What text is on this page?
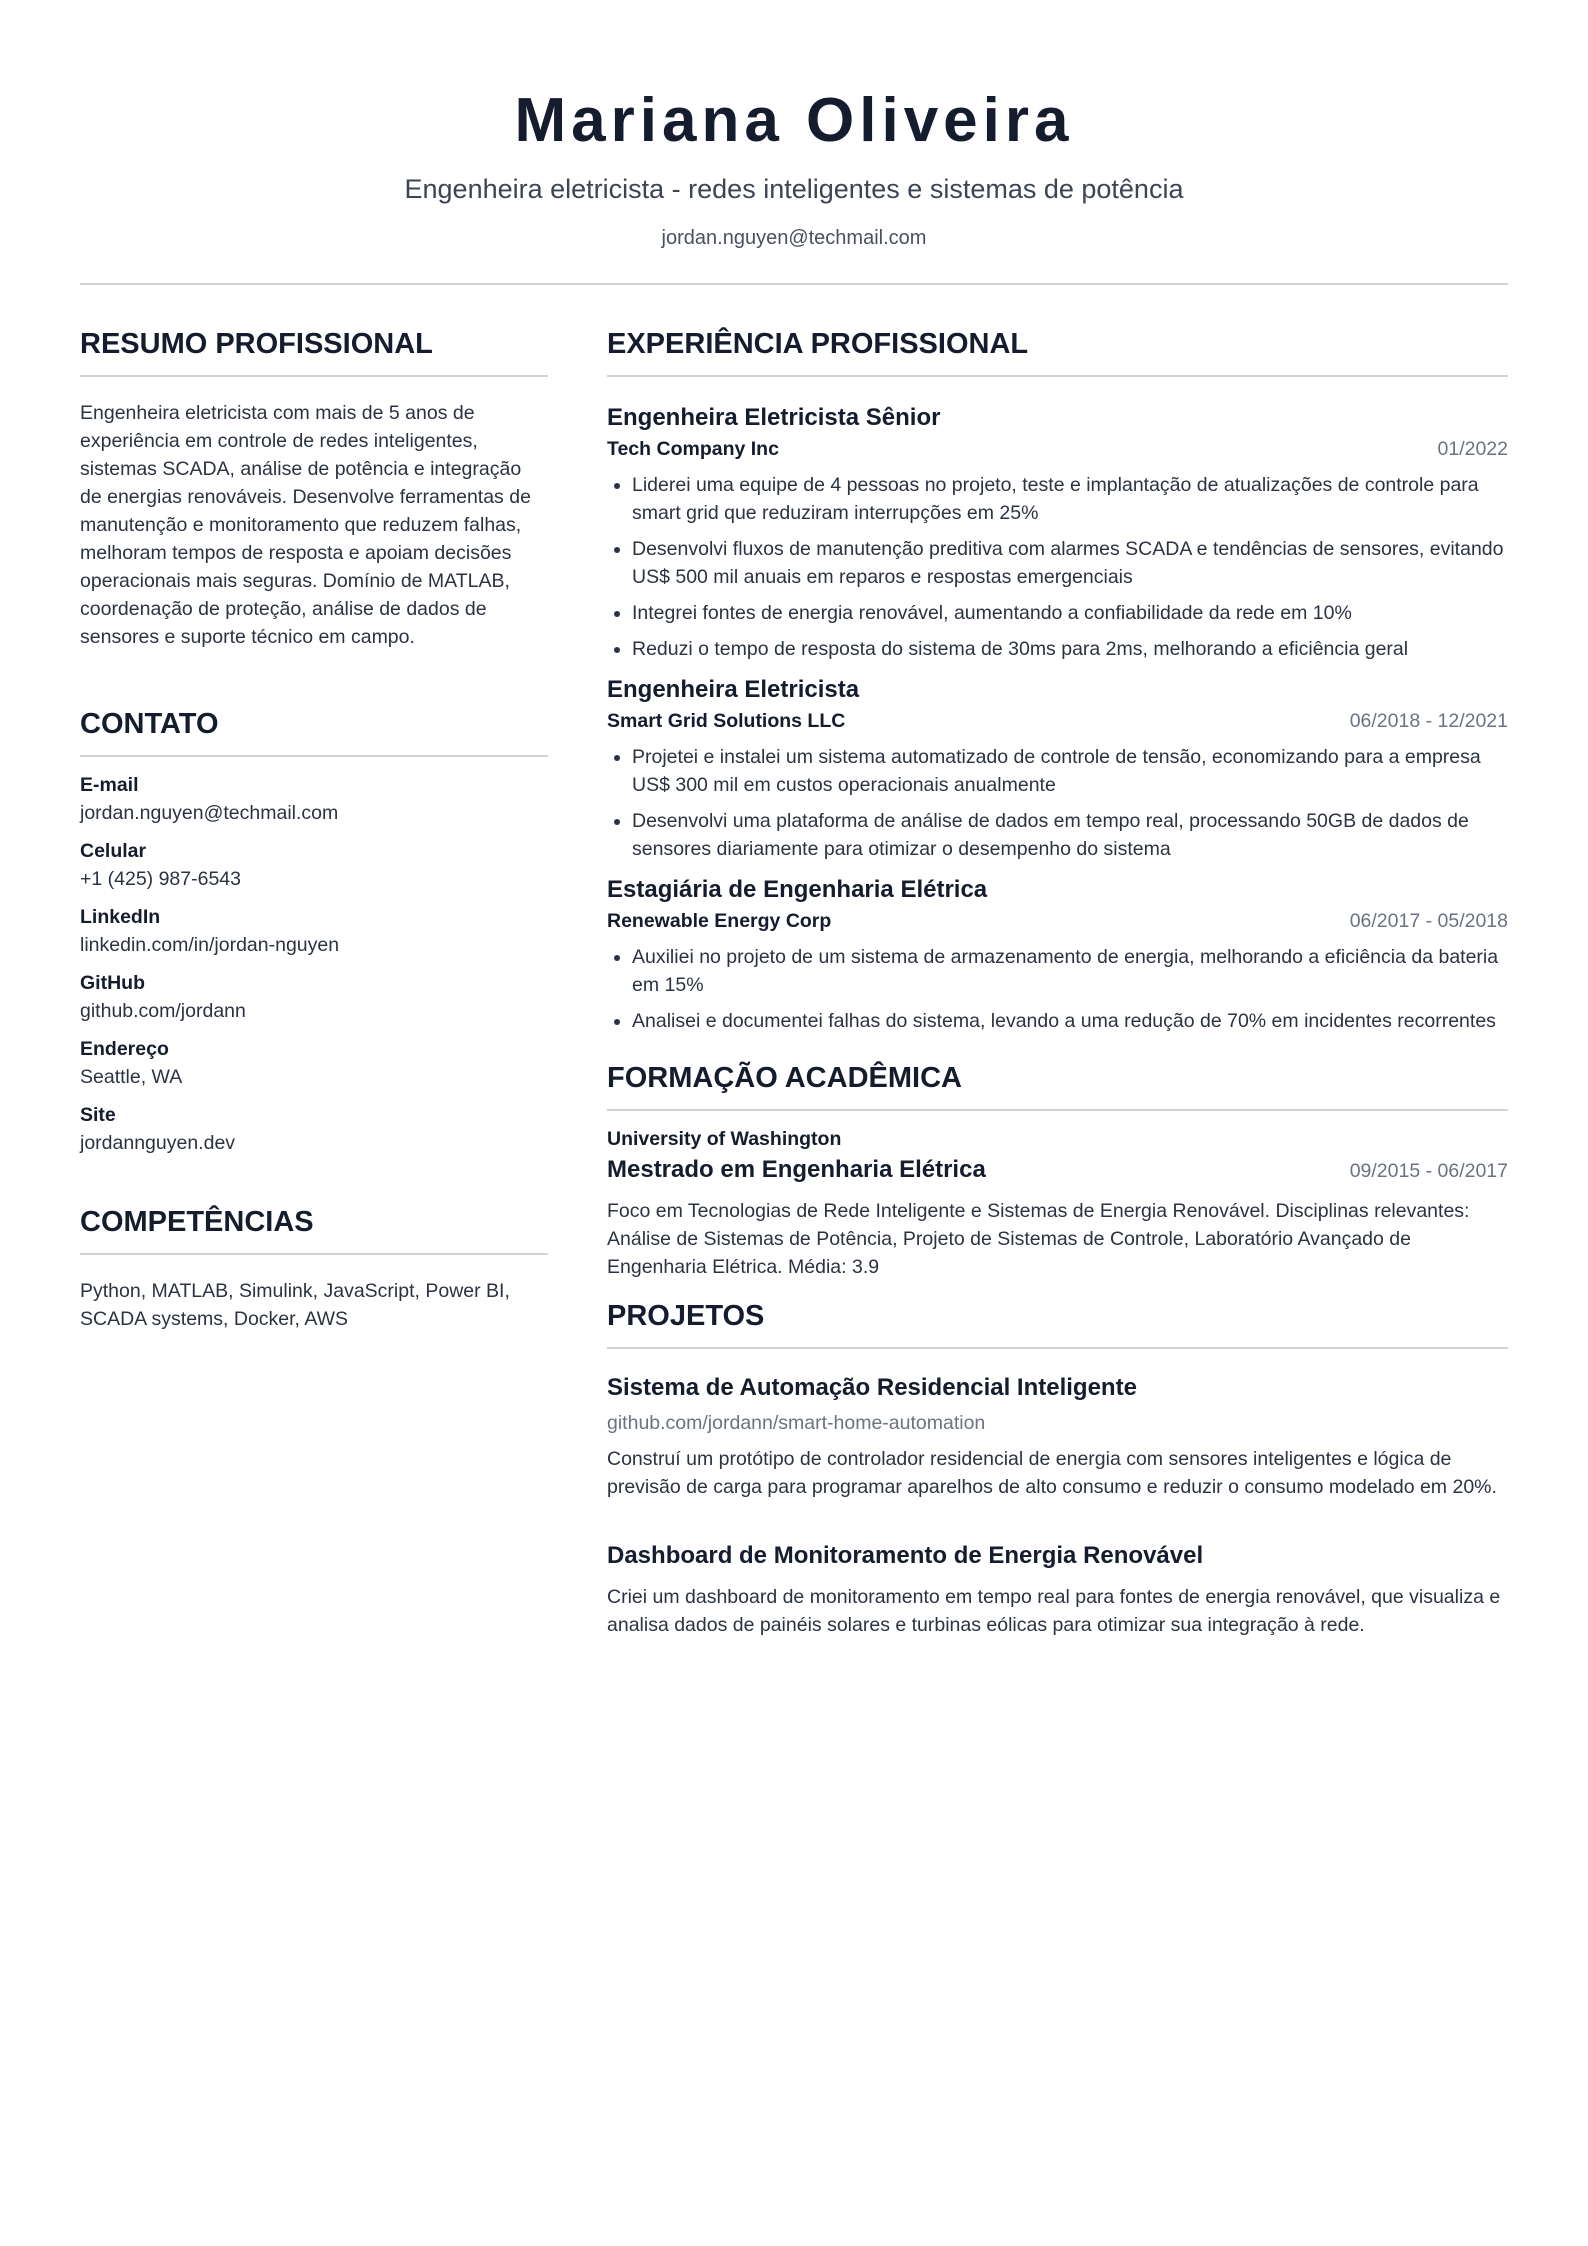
Mariana Oliveira
Engenheira eletricista - redes inteligentes e sistemas de potência
jordan.nguyen@techmail.com
RESUMO PROFISSIONAL
Engenheira eletricista com mais de 5 anos de experiência em controle de redes inteligentes, sistemas SCADA, análise de potência e integração de energias renováveis. Desenvolve ferramentas de manutenção e monitoramento que reduzem falhas, melhoram tempos de resposta e apoiam decisões operacionais mais seguras. Domínio de MATLAB, coordenação de proteção, análise de dados de sensores e suporte técnico em campo.
CONTATO
E-mail
jordan.nguyen@techmail.com
Celular
+1 (425) 987-6543
LinkedIn
linkedin.com/in/jordan-nguyen
GitHub
github.com/jordann
Endereço
Seattle, WA
Site
jordannguyen.dev
COMPETÊNCIAS
Python, MATLAB, Simulink, JavaScript, Power BI, SCADA systems, Docker, AWS
EXPERIÊNCIA PROFISSIONAL
Engenheira Eletricista Sênior
Tech Company Inc	01/2022
• Liderei uma equipe de 4 pessoas no projeto, teste e implantação de atualizações de controle para smart grid que reduziram interrupções em 25%
• Desenvolvi fluxos de manutenção preditiva com alarmes SCADA e tendências de sensores, evitando US$ 500 mil anuais em reparos e respostas emergenciais
• Integrei fontes de energia renovável, aumentando a confiabilidade da rede em 10%
• Reduzi o tempo de resposta do sistema de 30ms para 2ms, melhorando a eficiência geral
Engenheira Eletricista
Smart Grid Solutions LLC	06/2018 - 12/2021
• Projetei e instalei um sistema automatizado de controle de tensão, economizando para a empresa US$ 300 mil em custos operacionais anualmente
• Desenvolvi uma plataforma de análise de dados em tempo real, processando 50GB de dados de sensores diariamente para otimizar o desempenho do sistema
Estagiária de Engenharia Elétrica
Renewable Energy Corp	06/2017 - 05/2018
• Auxiliei no projeto de um sistema de armazenamento de energia, melhorando a eficiência da bateria em 15%
• Analisei e documentei falhas do sistema, levando a uma redução de 70% em incidentes recorrentes
FORMAÇÃO ACADÊMICA
University of Washington
Mestrado em Engenharia Elétrica	09/2015 - 06/2017
Foco em Tecnologias de Rede Inteligente e Sistemas de Energia Renovável. Disciplinas relevantes: Análise de Sistemas de Potência, Projeto de Sistemas de Controle, Laboratório Avançado de Engenharia Elétrica. Média: 3.9
PROJETOS
Sistema de Automação Residencial Inteligente
github.com/jordann/smart-home-automation
Construí um protótipo de controlador residencial de energia com sensores inteligentes e lógica de previsão de carga para programar aparelhos de alto consumo e reduzir o consumo modelado em 20%.
Dashboard de Monitoramento de Energia Renovável
Criei um dashboard de monitoramento em tempo real para fontes de energia renovável, que visualiza e analisa dados de painéis solares e turbinas eólicas para otimizar sua integração à rede.
